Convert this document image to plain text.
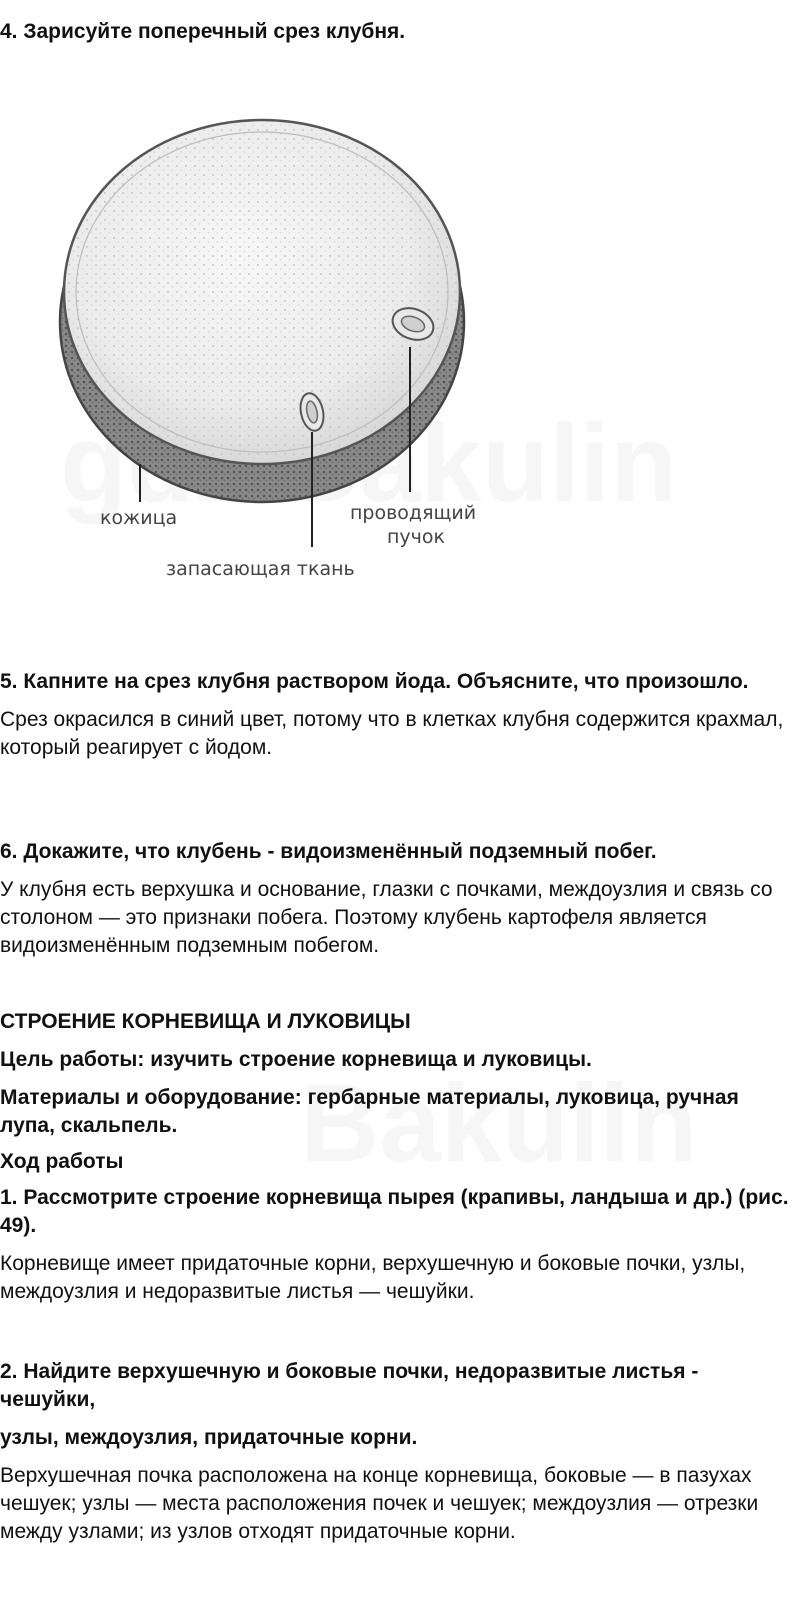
4. Зарисуйте поперечный срез клубня.

кожица	проводящий
пучок
запасающая ткань

5. Капните на срез клубня раствором йода. Объясните, что произошло.

Срез окрасился в синий цвет, потому что в клетках клубня содержится крахмал, который реагирует с йодом.

6. Докажите, что клубень - видоизменённый подземный побег.

У клубня есть верхушка и основание, глазки с почками, междоузлия и связь со столоном — это признаки побега. Поэтому клубень картофеля является видоизменённым подземным побегом.

СТРОЕНИЕ КОРНЕВИЩА И ЛУКОВИЦЫ

Цель работы: изучить строение корневища и луковицы.

Материалы и оборудование: гербарные материалы, луковица, ручная лупа, скальпель.

Ход работы

1. Рассмотрите строение корневища пырея (крапивы, ландыша и др.) (рис. 49).

Корневище имеет придаточные корни, верхушечную и боковые почки, узлы, междоузлия и недоразвитые листья — чешуйки.

2. Найдите верхушечную и боковые почки, недоразвитые листья - чешуйки,

узлы, междоузлия, придаточные корни.

Верхушечная почка расположена на конце корневища, боковые — в пазухах чешуек; узлы — места расположения почек и чешуек; междоузлия — отрезки между узлами; из узлов отходят придаточные корни.
